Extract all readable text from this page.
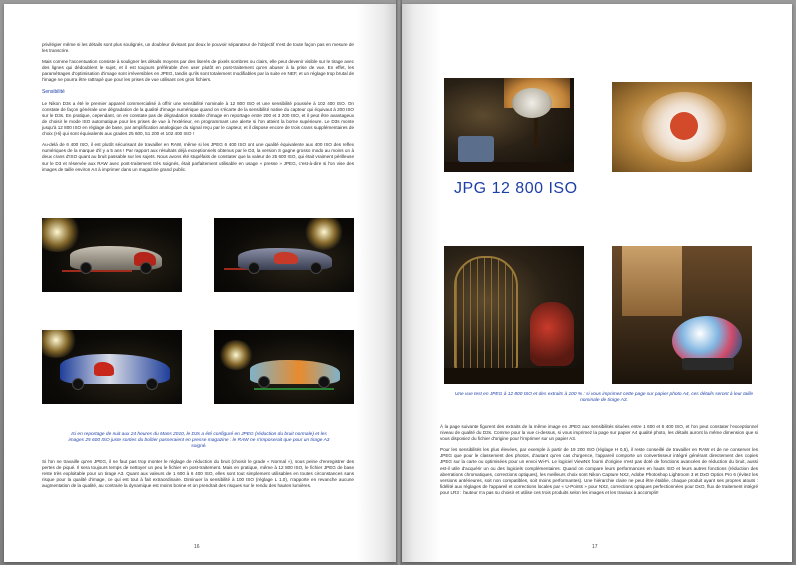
privilégier même si les détails sont plus soulignés, un doubleur divisant par deux le pouvoir séparateur de l'objectif n'est de toute façon pas en mesure de les transcrire.

Mais comme l'accentuation consiste à souligner les détails moyens par des liserés de pixels sombres ou clairs, elle peut devenir visible sur le tirage avec des lignes qui dédoublent le sujet, et il est toujours préférable d'en user plutôt en post-traitement qu'en abuser à la prise de vue. En effet, les paramétrages d'optimisation d'image sont irréversibles en JPEG, tandis qu'ils sont totalement modifiables par la suite en NEF, et un réglage trop brutal de l'image ne pourra être rattrapé que pour les prises de vue utilisant ces gros fichiers.

Sensibilité

Le Nikon D3s a été le premier appareil commercialisé à offrir une sensibilité nominale à 12 800 ISO et une sensibilité poussée à 102 400 ISO. On constate de façon générale une dégradation de la qualité d'image numérique quand on s'écarte de la sensibilité native du capteur qui équivaut à 200 ISO sur le D3s. En pratique, cependant, on en constate pas de dégradation notable d'image en reportage entre 200 et 3 200 ISO, et il peut être avantageux de choisir le mode ISO automatique pour les prises de vue à l'extérieur, en programmant une alerte si l'on atteint la borne supérieure. Le D3s monte jusqu'à 12 800 ISO en réglage de base, par amplification analogique du signal reçu par le capteur, et il dispose encore de trois crans supplémentaires de choix (Hi) qui sont équivalents aux grades 25 600, 51 200 et 102 400 ISO !

Au-delà de 6 400 ISO, il est plutôt sécurisant de travailler en RAW, même si les JPEG 6 400 ISO ont une qualité équivalente aux 400 ISO des reflex numériques de la marque d'il y a 5 ans ! Par rapport aux résultats déjà exceptionnels obtenus par le D3, la version S gagne grosso modo au moins un à deux crans d'ISO quant au bruit passable sur les sujets. Nous avons été stupéfaits de constater que la valeur de 25 600 ISO, qui était vraiment périlleuse sur le D3 et réservée aux RAW avec post-traitement très soignés, était parfaitement utilisable en usage « presse » JPEG, c'est-à-dire si l'on vise des images de taille environ A4 à imprimer dans un magazine grand public.

Ici en reportage de nuit aux 24 heures du Mans 2010, le D3s a été configuré en JPEG (réduction du bruit normale) et les images 25 600 ISO juste sorties du boîtier passeraient en presse magazine : le RAW ne s'imposerait que pour un tirage A3 soigné.

Si l'on ne travaille qu'en JPEG, il ne faut pas trop monter le réglage de réduction du bruit (choisir le grade « Normal »), sous peine d'enregistrer des pertes de piqué. Il sera toujours temps de nettoyer un peu le fichier en post-traitement. Mais en pratique, même à 12 800 ISO, le fichier JPEG de base reste très exploitable pour un tirage A3. Quant aux valeurs de 1 600 à 6 400 ISO, elles sont tout simplement utilisables en toutes circonstances sans risque pour la qualité d'image, ce qui est tout à fait extraordinaire. Diminuer la sensibilité à 100 ISO (réglage L 1.0), n'apporte en revanche aucune augmentation de la qualité, au contraire la dynamique est moins bonne et on prendrait des risques sur le rendu des hautes lumières.

16
JPG 12 800 ISO
Une vue test en JPEG à 12 800 ISO et des extraits à 100 % : si vous imprimez cette page sur papier photo A4, ces détails seront à leur taille nominale de tirage A3.

À la page suivante figurent des extraits de la même image en JPEG aux sensibilités situées entre 1 600 et 6 400 ISO, et l'on peut constater l'exceptionnel niveau de qualité du D3s. Comme pour la vue ci-dessus, si vous imprimez la page sur papier A4 qualité photo, les détails auront la même dimension que si vous disposiez du fichier d'origine pour l'imprimer sur un papier A3.

Pour les sensibilités les plus élevées, par exemple à partir de 19 200 ISO (réglage H 0,5), il reste conseillé de travailler en RAW et de ne conserver les JPEG que pour le classement des photos, d'autant qu'en cas d'urgence, l'appareil comporte un convertisseur intégré générant directement des copies JPEG sur la carte ou optimisées pour un envoi Wi-Fi. Le logiciel ViewNX fourni d'origine n'est pas doté de fonctions avancées de réduction du bruit, aussi est-il utile d'acquérir un ou des logiciels complémentaires. Quand on compare leurs performances en hauts ISO et leurs autres fonctions (réduction des aberrations chromatiques, corrections optiques), les meilleurs choix sont Nikon Capture NX2, Adobe Photoshop Lightroom 3 et DxO Optics Pro 6 (évitez les versions antérieures, soit non compatibles, soit moins performantes). Une hiérarchie claire ne peut être établie, chaque produit ayant ses propres atouts : fidélité aux réglages de l'appareil et corrections locales par « U-Points » pour NX2, corrections optiques perfectionnées pour DxO, flux de traitement intégré pour LR3 : l'auteur n'a pas su choisir et utilise ces trois produits selon les images et les travaux à accomplir!

17
